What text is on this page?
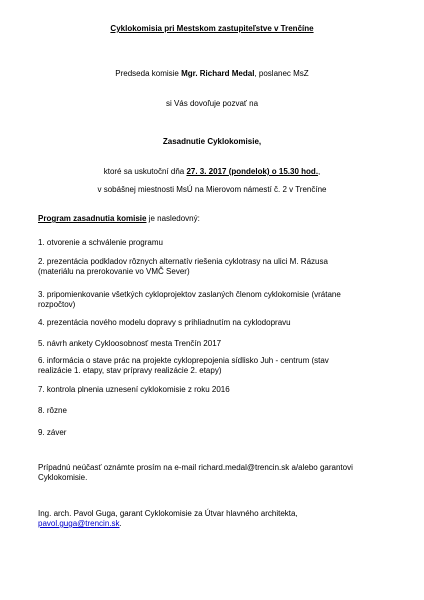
Cyklokomisia pri Mestskom zastupiteľstve v Trenčíne
Predseda komisie Mgr. Richard Medal, poslanec MsZ
si Vás dovoľuje pozvať na
Zasadnutie Cyklokomisie,
ktoré sa uskutoční dňa 27. 3. 2017 (pondelok) o 15.30 hod.,
v sobášnej miestnosti MsÚ na Mierovom námestí č. 2 v Trenčíne
Program zasadnutia komisie je nasledovný:
1. otvorenie a schválenie programu
2. prezentácia podkladov rôznych alternatív riešenia cyklotrasy na ulici M. Rázusa (materiálu na prerokovanie vo VMČ Sever)
3. pripomienkovanie všetkých cykloprojektov zaslaných členom cyklokomisie (vrátane rozpočtov)
4. prezentácia nového modelu dopravy s prihliadnutím na cyklodopravu
5. návrh ankety Cykloosobnosť mesta Trenčín 2017
6. informácia o stave prác na projekte cykloprepojenia sídlisko Juh - centrum (stav realizácie 1. etapy, stav prípravy realizácie 2. etapy)
7. kontrola plnenia uznesení cyklokomisie z roku 2016
8. rôzne
9. záver
Prípadnú neúčasť oznámte prosím na e-mail richard.medal@trencin.sk a/alebo garantovi Cyklokomisie.
Ing. arch. Pavol Guga, garant Cyklokomisie za Útvar hlavného architekta,
pavol.guga@trencin.sk.
